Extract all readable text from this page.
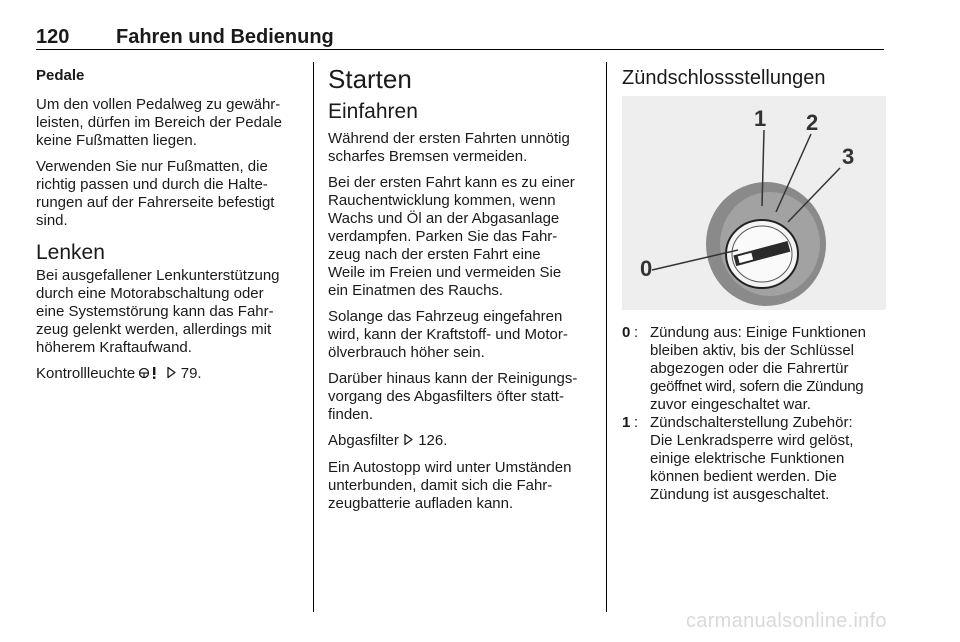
120 Fahren und Bedienung
Pedale

Um den vollen Pedalweg zu gewähr-
leisten, dürfen im Bereich der Pedale
keine Fußmatten liegen.

Verwenden Sie nur Fußmatten, die
richtig passen und durch die Halte-
rungen auf der Fahrerseite befestigt
sind.

Lenken

Bei ausgefallener Lenkunterstützung
durch eine Motorabschaltung oder
eine Systemstörung kann das Fahr-
zeug gelenkt werden, allerdings mit
höherem Kraftaufwand.

Kontrollleuchte	79.

Starten
Einfahren

Während der ersten Fahrten unnötig
scharfes Bremsen vermeiden.

Bei der ersten Fahrt kann es zu einer
Rauchentwicklung kommen, wenn
Wachs und Öl an der Abgasanlage
verdampfen. Parken Sie das Fahr-
zeug nach der ersten Fahrt eine
Weile im Freien und vermeiden Sie
ein Einatmen des Rauchs.

Solange das Fahrzeug eingefahren
wird, kann der Kraftstoff- und Motor-
ölverbrauch höher sein.

Darüber hinaus kann der Reinigungs-
vorgang des Abgasfilters öfter statt-
finden.

Abgasfilter 126.

Ein Autostopp wird unter Umständen
unterbunden, damit sich die Fahr-
zeugbatterie aufladen kann.

Zündschlossstellungen
0
1 2
3
0 : Zündung aus: Einige Funktionen
bleiben aktiv, bis der Schlüssel
abgezogen oder die Fahrertür
geöffnet wird, sofern die Zündung
zuvor eingeschaltet war.
1 : Zündschalterstellung Zubehör:
Die Lenkradsperre wird gelöst,
einige elektrische Funktionen
können bedient werden. Die
Zündung ist ausgeschaltet.
carmanualsonline.info
